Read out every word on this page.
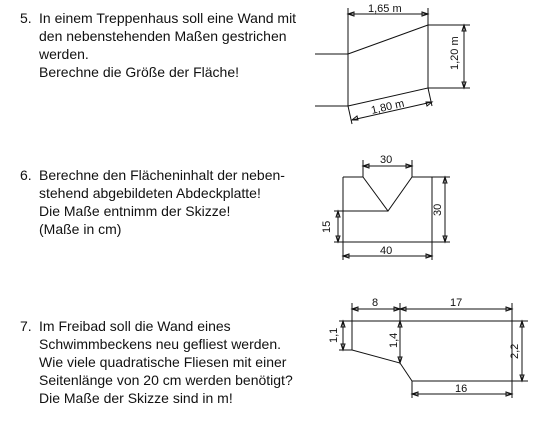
5. In einem Treppenhaus soll eine Wand mit
den nebenstehenden Maßen gestrichen
werden.
Berechne die Größe der Fläche!
1,65 m
1,20 m
1,80 m
30
15
30
40
8	17
1,1	1,4
2,2
16
6. Berechne den Flächeninhalt der neben-
stehend abgebildeten Abdeckplatte!
Die Maße entnimm der Skizze!
(Maße in cm)
7. Im Freibad soll die Wand eines
Schwimmbeckens neu gefliest werden.
Wie viele quadratische Fliesen mit einer
Seitenlänge von 20 cm werden benötigt?
Die Maße der Skizze sind in m!
